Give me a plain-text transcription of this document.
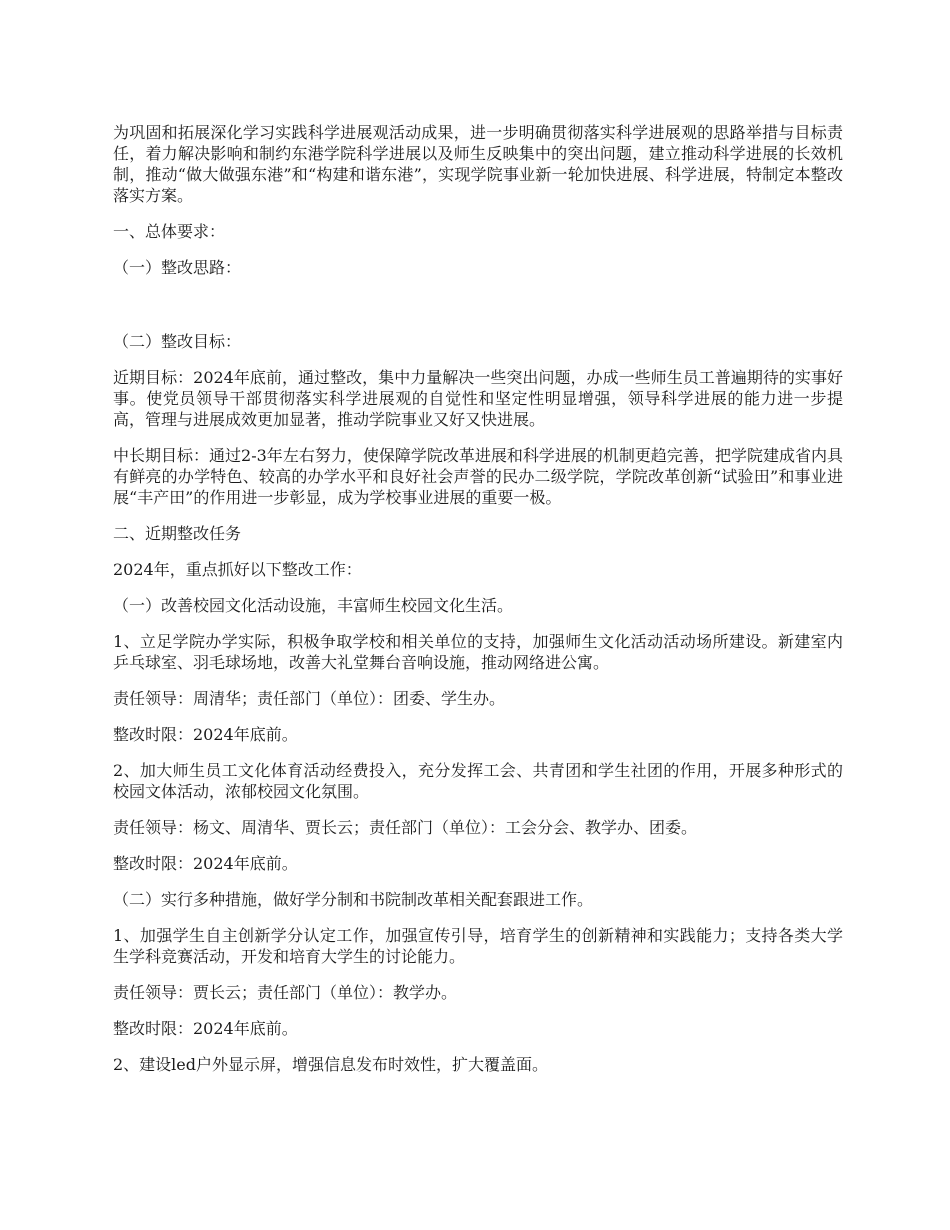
为巩固和拓展深化学习实践科学进展观活动成果，进一步明确贯彻落实科学进展观的思路举措与目标责任，着力解决影响和制约东港学院科学进展以及师生反映集中的突出问题，建立推动科学进展的长效机制，推动“做大做强东港”和“构建和谐东港”，实现学院事业新一轮加快进展、科学进展，特制定本整改落实方案。

一、总体要求：

（一）整改思路：

（二）整改目标：

近期目标：2024年底前，通过整改，集中力量解决一些突出问题，办成一些师生员工普遍期待的实事好事。使党员领导干部贯彻落实科学进展观的自觉性和坚定性明显增强，领导科学进展的能力进一步提高，管理与进展成效更加显著，推动学院事业又好又快进展。

中长期目标：通过2-3年左右努力，使保障学院改革进展和科学进展的机制更趋完善，把学院建成省内具有鲜亮的办学特色、较高的办学水平和良好社会声誉的民办二级学院，学院改革创新“试验田”和事业进展“丰产田”的作用进一步彰显，成为学校事业进展的重要一极。

二、近期整改任务

2024年，重点抓好以下整改工作：

（一）改善校园文化活动设施，丰富师生校园文化生活。

1、立足学院办学实际，积极争取学校和相关单位的支持，加强师生文化活动活动场所建设。新建室内乒乓球室、羽毛球场地，改善大礼堂舞台音响设施，推动网络进公寓。

责任领导：周清华；责任部门（单位）：团委、学生办。

整改时限：2024年底前。

2、加大师生员工文化体育活动经费投入，充分发挥工会、共青团和学生社团的作用，开展多种形式的校园文体活动，浓郁校园文化氛围。

责任领导：杨文、周清华、贾长云；责任部门（单位）：工会分会、教学办、团委。

整改时限：2024年底前。

（二）实行多种措施，做好学分制和书院制改革相关配套跟进工作。

1、加强学生自主创新学分认定工作，加强宣传引导，培育学生的创新精神和实践能力；支持各类大学生学科竞赛活动，开发和培育大学生的讨论能力。

责任领导：贾长云；责任部门（单位）：教学办。

整改时限：2024年底前。

2、建设led户外显示屏，增强信息发布时效性，扩大覆盖面。
